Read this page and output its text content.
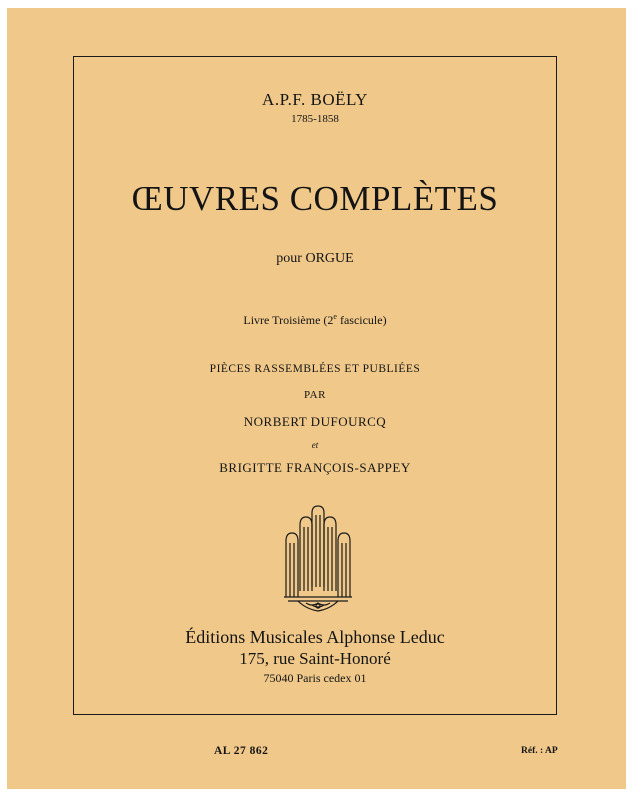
A.P.F. BOËLY
1785-1858
ŒUVRES COMPLÈTES
pour ORGUE
Livre Troisième (2e fascicule)
PIÈCES RASSEMBLÉES ET PUBLIÉES
PAR
NORBERT DUFOURCQ
et
BRIGITTE FRANÇOIS-SAPPEY
Éditions Musicales Alphonse Leduc
175, rue Saint-Honoré
75040 Paris cedex 01
AL 27 862	Réf. : AP
